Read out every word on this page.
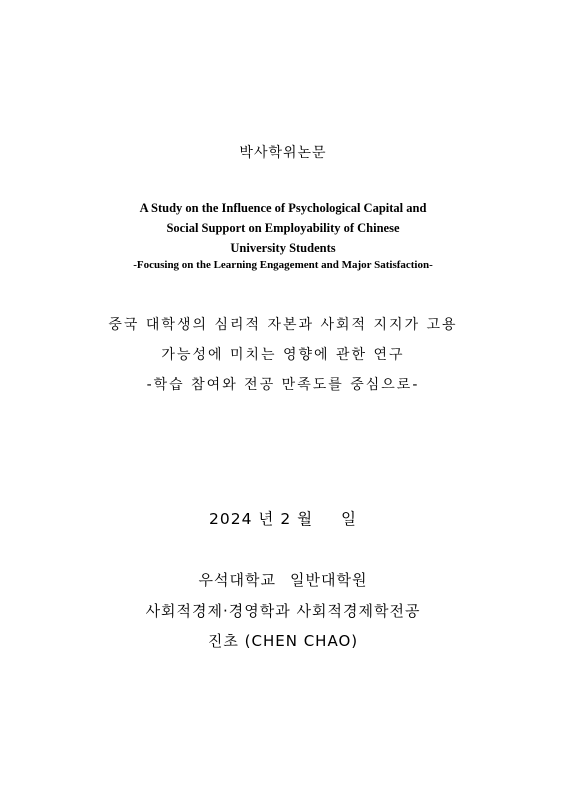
박사학위논문
A Study on the Influence of Psychological Capital and
Social Support on Employability of Chinese
University Students
-Focusing on the Learning Engagement and Major Satisfaction-
중국 대학생의 심리적 자본과 사회적 지지가 고용
가능성에 미치는 영향에 관한 연구
-학습 참여와 전공 만족도를 중심으로-
2024 년 2 월 일
우석대학교 일반대학원
사회적경제·경영학과 사회적경제학전공
진초 (CHEN CHAO)
